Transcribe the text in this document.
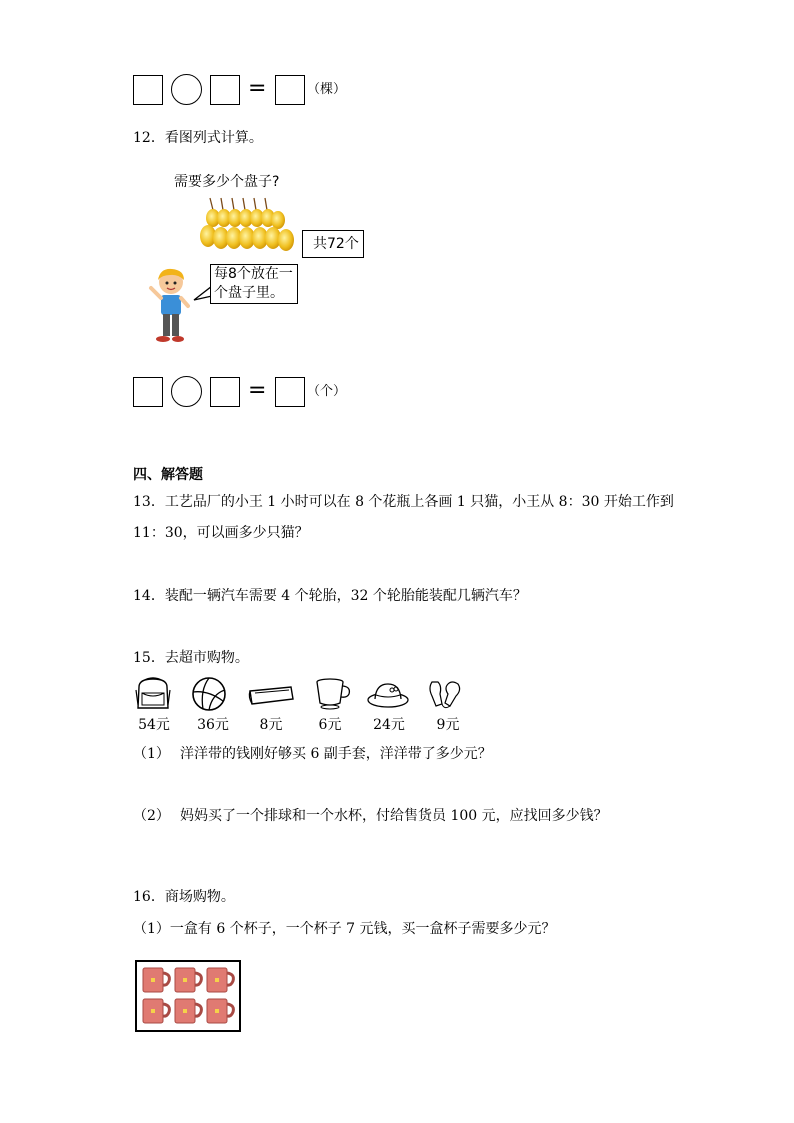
=	（棵）
12．看图列式计算。
需要多少个盘子?
共72个
每8个放在一
个盘子里。
=	（个）
四、解答题
13．工艺品厂的小王 1 小时可以在 8 个花瓶上各画 1 只猫，小王从 8：30 开始工作到
11：30，可以画多少只猫？
14．装配一辆汽车需要 4 个轮胎，32 个轮胎能装配几辆汽车？
15．去超市购物。
54元	36元	8元	6元	24元	9元
（1） 洋洋带的钱刚好够买 6 副手套，洋洋带了多少元？
（2） 妈妈买了一个排球和一个水杯，付给售货员 100 元，应找回多少钱？
16．商场购物。
（1）一盒有 6 个杯子，一个杯子 7 元钱，买一盒杯子需要多少元？
